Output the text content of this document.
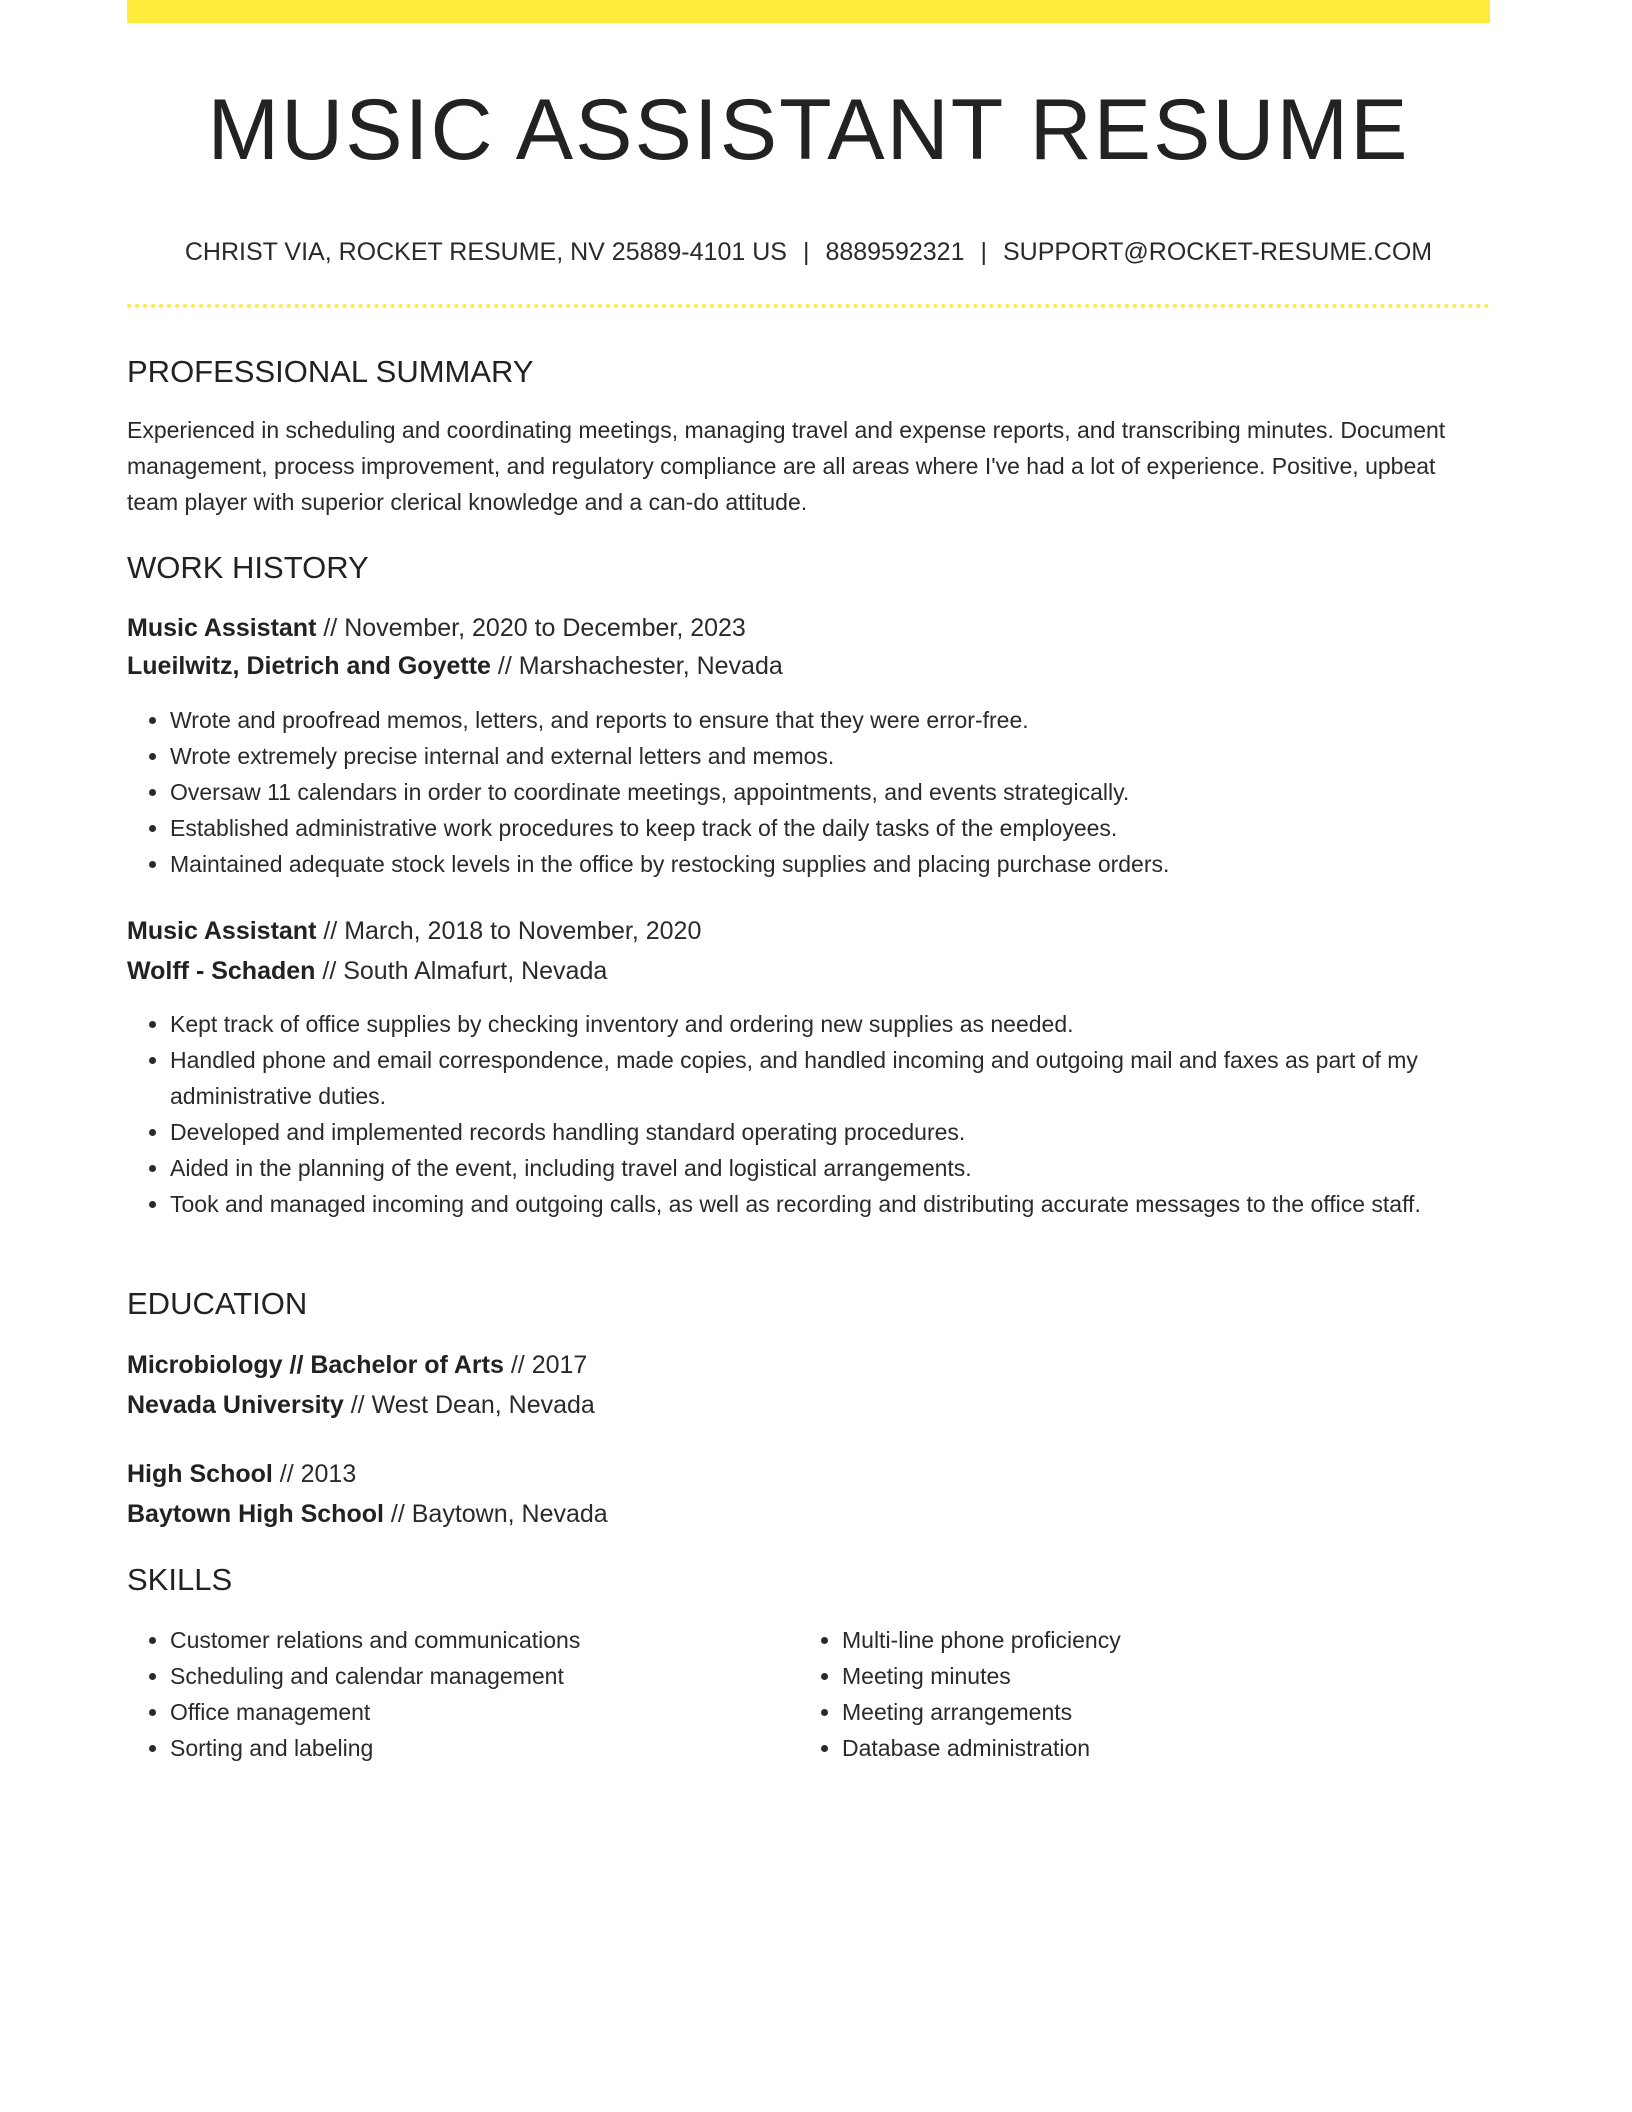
MUSIC ASSISTANT RESUME
CHRIST VIA, ROCKET RESUME, NV 25889-4101 US | 8889592321 | SUPPORT@ROCKET-RESUME.COM
PROFESSIONAL SUMMARY

Experienced in scheduling and coordinating meetings, managing travel and expense reports, and transcribing minutes. Document management, process improvement, and regulatory compliance are all areas where I've had a lot of experience. Positive, upbeat team player with superior clerical knowledge and a can-do attitude.

WORK HISTORY

Music Assistant // November, 2020 to December, 2023

Lueilwitz, Dietrich and Goyette // Marshachester, Nevada

• Wrote and proofread memos, letters, and reports to ensure that they were error-free.
• Wrote extremely precise internal and external letters and memos.
• Oversaw 11 calendars in order to coordinate meetings, appointments, and events strategically.
• Established administrative work procedures to keep track of the daily tasks of the employees.
• Maintained adequate stock levels in the office by restocking supplies and placing purchase orders.

Music Assistant // March, 2018 to November, 2020

Wolff - Schaden // South Almafurt, Nevada

• Kept track of office supplies by checking inventory and ordering new supplies as needed.
• Handled phone and email correspondence, made copies, and handled incoming and outgoing mail and faxes as part of my administrative duties.
• Developed and implemented records handling standard operating procedures.
• Aided in the planning of the event, including travel and logistical arrangements.
• Took and managed incoming and outgoing calls, as well as recording and distributing accurate messages to the office staff.
EDUCATION

Microbiology // Bachelor of Arts // 2017

Nevada University // West Dean, Nevada

High School // 2013

Baytown High School // Baytown, Nevada

SKILLS
• Customer relations and communications
• Scheduling and calendar management
• Office management
• Sorting and labeling
• Multi-line phone proficiency
• Meeting minutes
• Meeting arrangements
• Database administration
